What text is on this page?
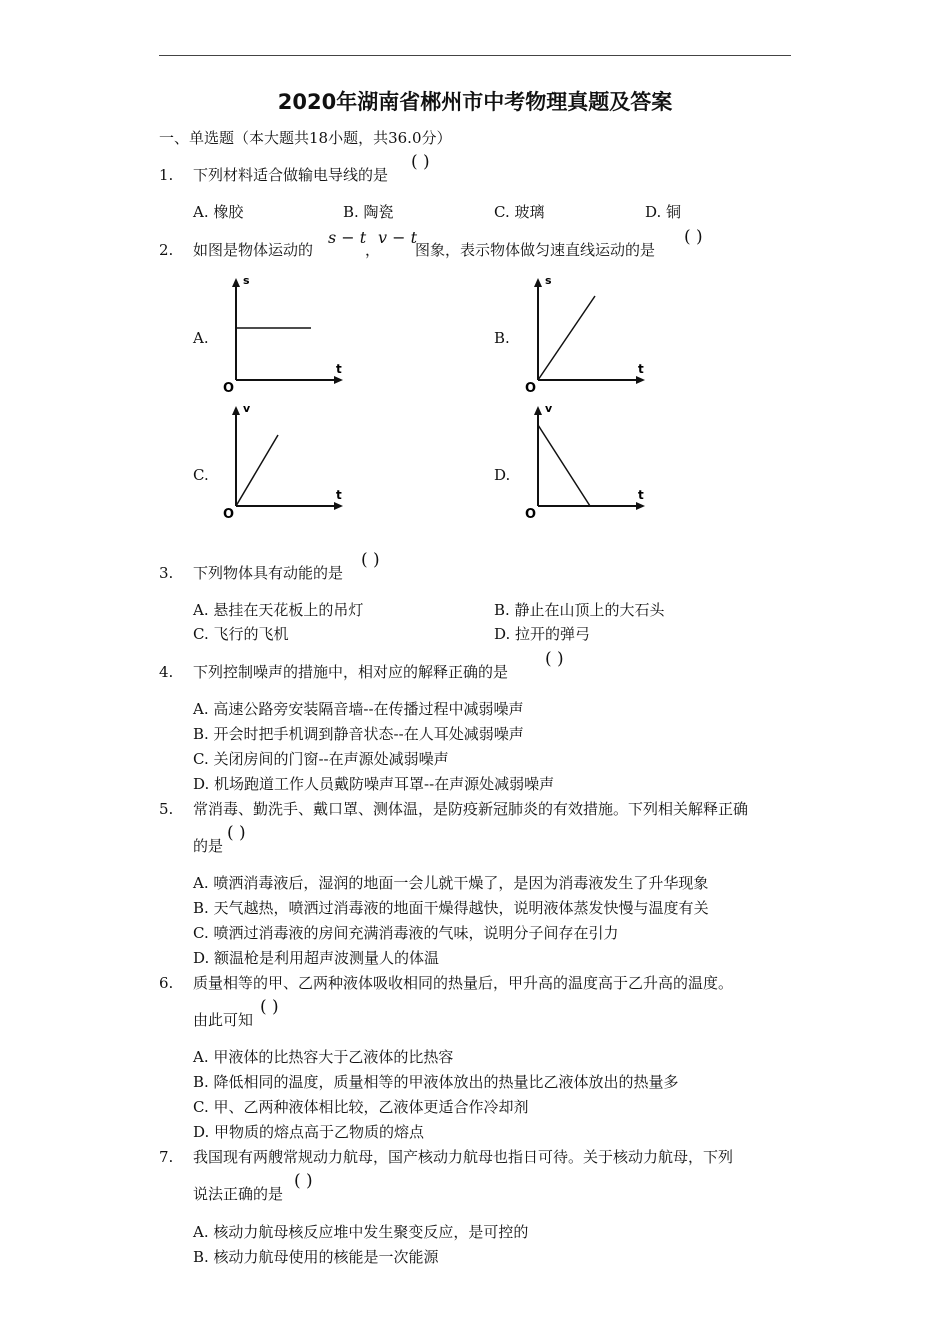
2020年湖南省郴州市中考物理真题及答案
一、单选题（本大题共18小题，共36.0分）
1. 下列材料适合做输电导线的是
( )
A. 橡胶	B. 陶瓷	C. 玻璃	D. 铜
2. 如图是物体运动的
s − t
，
v − t
图象，表示物体做匀速直线运动的是
( )
A.	B.
C.	D.
s
t
O
s
t
O
v
t
O
v
t
O
3. 下列物体具有动能的是
( )
A. 悬挂在天花板上的吊灯	B. 静止在山顶上的大石头
C. 飞行的飞机	D. 拉开的弹弓
4. 下列控制噪声的措施中，相对应的解释正确的是
( )
A. 高速公路旁安装隔音墙--在传播过程中减弱噪声
B. 开会时把手机调到静音状态--在人耳处减弱噪声
C. 关闭房间的门窗--在声源处减弱噪声
D. 机场跑道工作人员戴防噪声耳罩--在声源处减弱噪声
5. 常消毒、勤洗手、戴口罩、测体温，是防疫新冠肺炎的有效措施。下列相关解释正确
的是
( )
A. 喷洒消毒液后，湿润的地面一会儿就干燥了，是因为消毒液发生了升华现象
B. 天气越热，喷洒过消毒液的地面干燥得越快，说明液体蒸发快慢与温度有关
C. 喷洒过消毒液的房间充满消毒液的气味，说明分子间存在引力
D. 额温枪是利用超声波测量人的体温
6. 质量相等的甲、乙两种液体吸收相同的热量后，甲升高的温度高于乙升高的温度。
由此可知
( )
A. 甲液体的比热容大于乙液体的比热容
B. 降低相同的温度，质量相等的甲液体放出的热量比乙液体放出的热量多
C. 甲、乙两种液体相比较，乙液体更适合作冷却剂
D. 甲物质的熔点高于乙物质的熔点
7. 我国现有两艘常规动力航母，国产核动力航母也指日可待。关于核动力航母，下列
说法正确的是
( )
A. 核动力航母核反应堆中发生聚变反应，是可控的
B. 核动力航母使用的核能是一次能源
